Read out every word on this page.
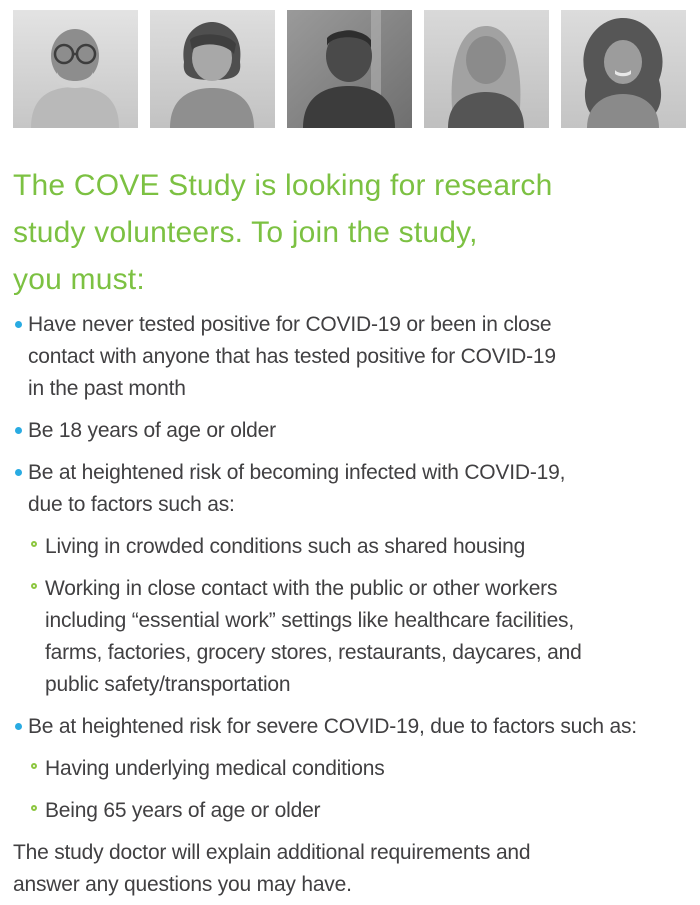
The COVE Study is looking for research
study volunteers. To join the study,
you must:
Have never tested positive for COVID-19 or been in close
contact with anyone that has tested positive for COVID-19
in the past month
Be 18 years of age or older
Be at heightened risk of becoming infected with COVID-19,
due to factors such as:
Living in crowded conditions such as shared housing
Working in close contact with the public or other workers
including “essential work” settings like healthcare facilities,
farms, factories, grocery stores, restaurants, daycares, and
public safety/transportation
Be at heightened risk for severe COVID-19, due to factors such as:
Having underlying medical conditions
Being 65 years of age or older

The study doctor will explain additional requirements and
answer any questions you may have.
